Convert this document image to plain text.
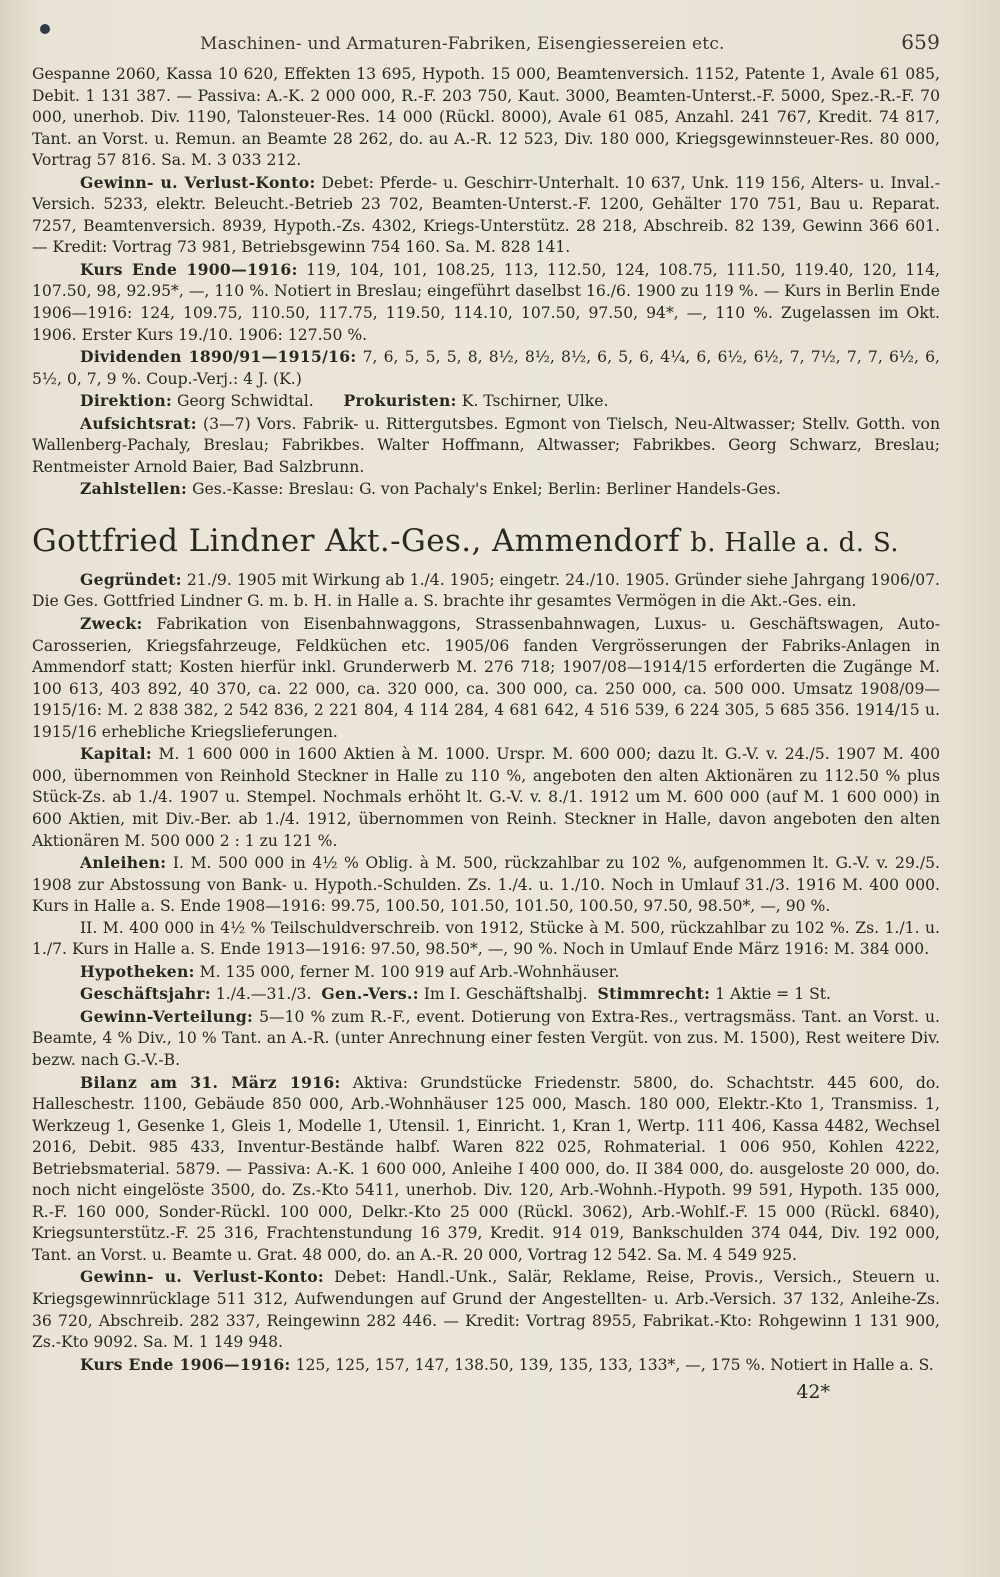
Maschinen- und Armaturen-Fabriken, Eisengiessereien etc.	659

Gespanne 2060, Kassa 10 620, Effekten 13 695, Hypoth. 15 000, Beamtenversich. 1152, Patente 1, Avale 61 085, Debit. 1 131 387. — Passiva: A.-K. 2 000 000, R.-F. 203 750, Kaut. 3000, Beamten-Unterst.-F. 5000, Spez.-R.-F. 70 000, unerhob. Div. 1190, Talonsteuer-Res. 14 000 (Rückl. 8000), Avale 61 085, Anzahl. 241 767, Kredit. 74 817, Tant. an Vorst. u. Remun. an Beamte 28 262, do. au A.-R. 12 523, Div. 180 000, Kriegsgewinnsteuer-Res. 80 000, Vortrag 57 816. Sa. M. 3 033 212.

Gewinn- u. Verlust-Konto: Debet: Pferde- u. Geschirr-Unterhalt. 10 637, Unk. 119 156, Alters- u. Inval.-Versich. 5233, elektr. Beleucht.-Betrieb 23 702, Beamten-Unterst.-F. 1200, Gehälter 170 751, Bau u. Reparat. 7257, Beamtenversich. 8939, Hypoth.-Zs. 4302, Kriegs-Unterstütz. 28 218, Abschreib. 82 139, Gewinn 366 601. — Kredit: Vortrag 73 981, Betriebsgewinn 754 160. Sa. M. 828 141.

Kurs Ende 1900—1916: 119, 104, 101, 108.25, 113, 112.50, 124, 108.75, 111.50, 119.40, 120, 114, 107.50, 98, 92.95*, —, 110 %. Notiert in Breslau; eingeführt daselbst 16./6. 1900 zu 119 %. — Kurs in Berlin Ende 1906—1916: 124, 109.75, 110.50, 117.75, 119.50, 114.10, 107.50, 97.50, 94*, —, 110 %. Zugelassen im Okt. 1906. Erster Kurs 19./10. 1906: 127.50 %.

Dividenden 1890/91—1915/16: 7, 6, 5, 5, 5, 8, 8½, 8½, 8½, 6, 5, 6, 4¼, 6, 6½, 6½, 7, 7½, 7, 7, 6½, 6, 5½, 0, 7, 9 %. Coup.-Verj.: 4 J. (K.)

Direktion: Georg Schwidtal. Prokuristen: K. Tschirner, Ulke.

Aufsichtsrat: (3—7) Vors. Fabrik- u. Rittergutsbes. Egmont von Tielsch, Neu-Altwasser; Stellv. Gotth. von Wallenberg-Pachaly, Breslau; Fabrikbes. Walter Hoffmann, Altwasser; Fabrikbes. Georg Schwarz, Breslau; Rentmeister Arnold Baier, Bad Salzbrunn.

Zahlstellen: Ges.-Kasse: Breslau: G. von Pachaly's Enkel; Berlin: Berliner Handels-Ges.

Gottfried Lindner Akt.-Ges., Ammendorf b. Halle a. d. S.

Gegründet: 21./9. 1905 mit Wirkung ab 1./4. 1905; eingetr. 24./10. 1905. Gründer siehe Jahrgang 1906/07. Die Ges. Gottfried Lindner G. m. b. H. in Halle a. S. brachte ihr gesamtes Vermögen in die Akt.-Ges. ein.

Zweck: Fabrikation von Eisenbahnwaggons, Strassenbahnwagen, Luxus- u. Geschäftswagen, Auto-Carosserien, Kriegsfahrzeuge, Feldküchen etc. 1905/06 fanden Vergrösserungen der Fabriks-Anlagen in Ammendorf statt; Kosten hierfür inkl. Grunderwerb M. 276 718; 1907/08—1914/15 erforderten die Zugänge M. 100 613, 403 892, 40 370, ca. 22 000, ca. 320 000, ca. 300 000, ca. 250 000, ca. 500 000. Umsatz 1908/09—1915/16: M. 2 838 382, 2 542 836, 2 221 804, 4 114 284, 4 681 642, 4 516 539, 6 224 305, 5 685 356. 1914/15 u. 1915/16 erhebliche Kriegslieferungen.

Kapital: M. 1 600 000 in 1600 Aktien à M. 1000. Urspr. M. 600 000; dazu lt. G.-V. v. 24./5. 1907 M. 400 000, übernommen von Reinhold Steckner in Halle zu 110 %, angeboten den alten Aktionären zu 112.50 % plus Stück-Zs. ab 1./4. 1907 u. Stempel. Nochmals erhöht lt. G.-V. v. 8./1. 1912 um M. 600 000 (auf M. 1 600 000) in 600 Aktien, mit Div.-Ber. ab 1./4. 1912, übernommen von Reinh. Steckner in Halle, davon angeboten den alten Aktionären M. 500 000 2 : 1 zu 121 %.

Anleihen: I. M. 500 000 in 4½ % Oblig. à M. 500, rückzahlbar zu 102 %, aufgenommen lt. G.-V. v. 29./5. 1908 zur Abstossung von Bank- u. Hypoth.-Schulden. Zs. 1./4. u. 1./10. Noch in Umlauf 31./3. 1916 M. 400 000. Kurs in Halle a. S. Ende 1908—1916: 99.75, 100.50, 101.50, 101.50, 100.50, 97.50, 98.50*, —, 90 %.

II. M. 400 000 in 4½ % Teilschuldverschreib. von 1912, Stücke à M. 500, rückzahlbar zu 102 %. Zs. 1./1. u. 1./7. Kurs in Halle a. S. Ende 1913—1916: 97.50, 98.50*, —, 90 %. Noch in Umlauf Ende März 1916: M. 384 000.

Hypotheken: M. 135 000, ferner M. 100 919 auf Arb.-Wohnhäuser.

Geschäftsjahr: 1./4.—31./3. Gen.-Vers.: Im I. Geschäftshalbj. Stimmrecht: 1 Aktie = 1 St.

Gewinn-Verteilung: 5—10 % zum R.-F., event. Dotierung von Extra-Res., vertragsmäss. Tant. an Vorst. u. Beamte, 4 % Div., 10 % Tant. an A.-R. (unter Anrechnung einer festen Vergüt. von zus. M. 1500), Rest weitere Div. bezw. nach G.-V.-B.

Bilanz am 31. März 1916: Aktiva: Grundstücke Friedenstr. 5800, do. Schachtstr. 445 600, do. Halleschestr. 1100, Gebäude 850 000, Arb.-Wohnhäuser 125 000, Masch. 180 000, Elektr.-Kto 1, Transmiss. 1, Werkzeug 1, Gesenke 1, Gleis 1, Modelle 1, Utensil. 1, Einricht. 1, Kran 1, Wertp. 111 406, Kassa 4482, Wechsel 2016, Debit. 985 433, Inventur-Bestände halbf. Waren 822 025, Rohmaterial. 1 006 950, Kohlen 4222, Betriebsmaterial. 5879. — Passiva: A.-K. 1 600 000, Anleihe I 400 000, do. II 384 000, do. ausgeloste 20 000, do. noch nicht eingelöste 3500, do. Zs.-Kto 5411, unerhob. Div. 120, Arb.-Wohnh.-Hypoth. 99 591, Hypoth. 135 000, R.-F. 160 000, Sonder-Rückl. 100 000, Delkr.-Kto 25 000 (Rückl. 3062), Arb.-Wohlf.-F. 15 000 (Rückl. 6840), Kriegsunterstütz.-F. 25 316, Frachtenstundung 16 379, Kredit. 914 019, Bankschulden 374 044, Div. 192 000, Tant. an Vorst. u. Beamte u. Grat. 48 000, do. an A.-R. 20 000, Vortrag 12 542. Sa. M. 4 549 925.

Gewinn- u. Verlust-Konto: Debet: Handl.-Unk., Salär, Reklame, Reise, Provis., Versich., Steuern u. Kriegsgewinnrücklage 511 312, Aufwendungen auf Grund der Angestellten- u. Arb.-Versich. 37 132, Anleihe-Zs. 36 720, Abschreib. 282 337, Reingewinn 282 446. — Kredit: Vortrag 8955, Fabrikat.-Kto: Rohgewinn 1 131 900, Zs.-Kto 9092. Sa. M. 1 149 948.

Kurs Ende 1906—1916: 125, 125, 157, 147, 138.50, 139, 135, 133, 133*, —, 175 %. Notiert in Halle a. S.

42*
